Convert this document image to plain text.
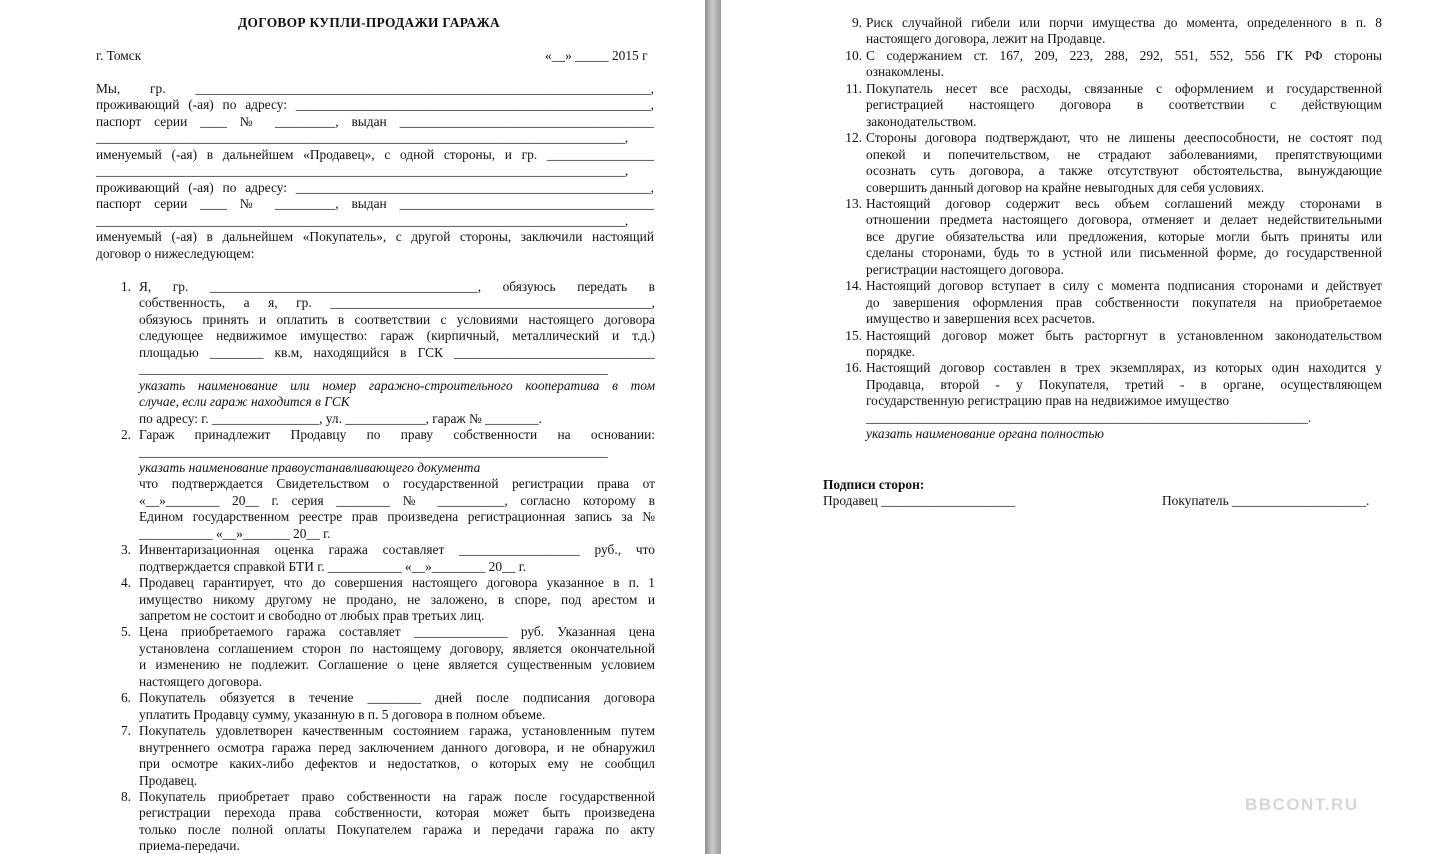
ДОГОВОР КУПЛИ-ПРОДАЖИ ГАРАЖА
г. Томск	«__» _____ 2015 г
Мы, гр. ____________________________________________________________________,
проживающий (-ая) по адресу: _____________________________________________________,
паспорт серии ____ № _________, выдан ______________________________________
_______________________________________________________________________________,
именуемый (-ая) в дальнейшем «Продавец», с одной стороны, и гр. ________________
_______________________________________________________________________________,
проживающий (-ая) по адресу: _____________________________________________________,
паспорт серии ____ № _________, выдан ______________________________________
_______________________________________________________________________________,
именуемый (-ая) в дальнейшем «Покупатель», с другой стороны, заключили настоящий
договор о нижеследующем:
1. Я, гр. ________________________________________, обязуюсь передать в
собственность, а я, гр. ________________________________________________,
обязуюсь принять и оплатить в соответствии с условиями настоящего договора
следующее недвижимое имущество: гараж (кирпичный, металлический и т.д.)
площадью ________ кв.м, находящийся в ГСК ______________________________
______________________________________________________________________
указать наименование или номер гаражно-строительного кооператива в том
случае, если гараж находится в ГСК
по адресу: г. ________________, ул. ____________, гараж № ________.
2. Гараж принадлежит Продавцу по праву собственности на основании:
______________________________________________________________________
указать наименование правоустанавливающего документа
что подтверждается Свидетельством о государственной регистрации права от
«__»________ 20__ г. серия ________ № __________, согласно которому в
Едином государственном реестре прав произведена регистрационная запись за №
___________ «__»_______ 20__ г.
3. Инвентаризационная оценка гаража составляет __________________ руб., что
подтверждается справкой БТИ г. ___________ «__»________ 20__ г.
4. Продавец гарантирует, что до совершения настоящего договора указанное в п. 1
имущество никому другому не продано, не заложено, в споре, под арестом и
запретом не состоит и свободно от любых прав третьих лиц.
5. Цена приобретаемого гаража составляет ______________ руб. Указанная цена
установлена соглашением сторон по настоящему договору, является окончательной
и изменению не подлежит. Соглашение о цене является существенным условием
настоящего договора.
6. Покупатель обязуется в течение ________ дней после подписания договора
уплатить Продавцу сумму, указанную в п. 5 договора в полном объеме.
7. Покупатель удовлетворен качественным состоянием гаража, установленным путем
внутреннего осмотра гаража перед заключением данного договора, и не обнаружил
при осмотре каких-либо дефектов и недостатков, о которых ему не сообщил
Продавец.
8. Покупатель приобретает право собственности на гараж после государственной
регистрации перехода права собственности, которая может быть произведена
только после полной оплаты Покупателем гаража и передачи гаража по акту
приема-передачи.
9. Риск случайной гибели или порчи имущества до момента, определенного в п. 8
настоящего договора, лежит на Продавце.
10. С содержанием ст. 167, 209, 223, 288, 292, 551, 552, 556 ГК РФ стороны
ознакомлены.
11. Покупатель несет все расходы, связанные с оформлением и государственной
регистрацией настоящего договора в соответствии с действующим
законодательством.
12. Стороны договора подтверждают, что не лишены дееспособности, не состоят под
опекой и попечительством, не страдают заболеваниями, препятствующими
осознать суть договора, а также отсутствуют обстоятельства, вынуждающие
совершить данный договор на крайне невыгодных для себя условиях.
13. Настоящий договор содержит весь объем соглашений между сторонами в
отношении предмета настоящего договора, отменяет и делает недействительными
все другие обязательства или предложения, которые могли быть приняты или
сделаны сторонами, будь то в устной или письменной форме, до государственной
регистрации настоящего договора.
14. Настоящий договор вступает в силу с момента подписания сторонами и действует
до завершения оформления прав собственности покупателя на приобретаемое
имущество и завершения всех расчетов.
15. Настоящий договор может быть расторгнут в установленном законодательством
порядке.
16. Настоящий договор составлен в трех экземплярах, из которых один находится у
Продавца, второй - у Покупателя, третий - в органе, осуществляющем
государственную регистрацию прав на недвижимое имущество
__________________________________________________________________.
указать наименование органа полностью
Подписи сторон:
Продавец ____________________	Покупатель ____________________.
BBCONT.RU
